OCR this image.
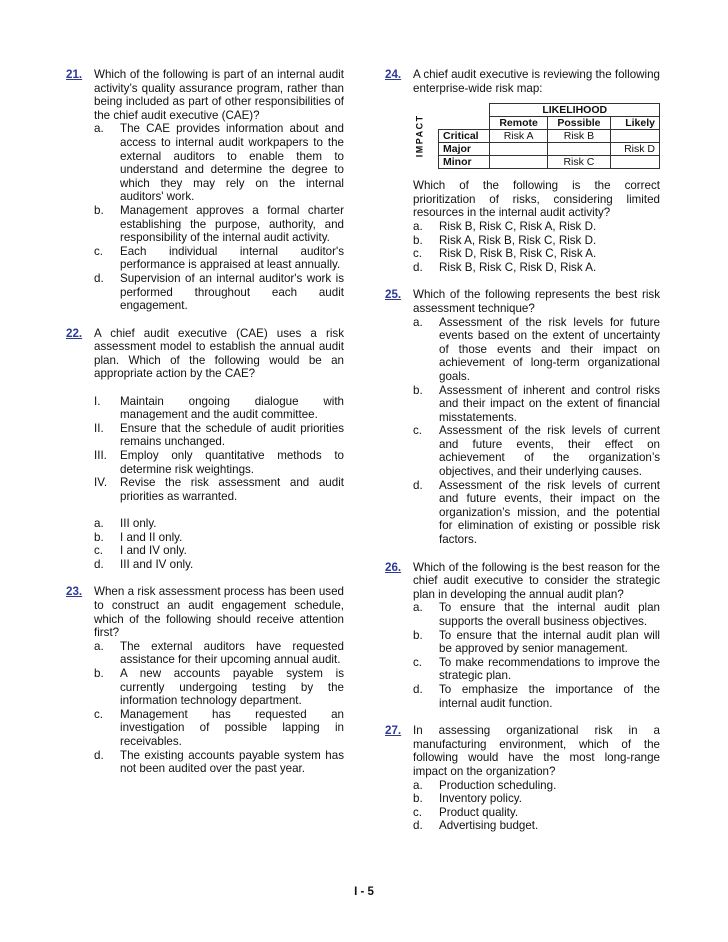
21. Which of the following is part of an internal audit activity’s quality assurance program, rather than being included as part of other responsibilities of the chief audit executive (CAE)?
a. The CAE provides information about and access to internal audit workpapers to the external auditors to enable them to understand and determine the degree to which they may rely on the internal auditors' work.
b. Management approves a formal charter establishing the purpose, authority, and responsibility of the internal audit activity.
c. Each individual internal auditor's performance is appraised at least annually.
d. Supervision of an internal auditor's work is performed throughout each audit engagement.
22. A chief audit executive (CAE) uses a risk assessment model to establish the annual audit plan. Which of the following would be an appropriate action by the CAE?
I. Maintain ongoing dialogue with management and the audit committee.
II. Ensure that the schedule of audit priorities remains unchanged.
III. Employ only quantitative methods to determine risk weightings.
IV. Revise the risk assessment and audit priorities as warranted.
a. III only.
b. I and II only.
c. I and IV only.
d. III and IV only.
23. When a risk assessment process has been used to construct an audit engagement schedule, which of the following should receive attention first?
a. The external auditors have requested assistance for their upcoming annual audit.
b. A new accounts payable system is currently undergoing testing by the information technology department.
c. Management has requested an investigation of possible lapping in receivables.
d. The existing accounts payable system has not been audited over the past year.
24. A chief audit executive is reviewing the following enterprise-wide risk map:
IMPACT
	LIKELIHOOD		
	Remote	Possible	Likely
Critical	Risk A	Risk B	
Major			Risk D
Minor		Risk C	
Which of the following is the correct prioritization of risks, considering limited resources in the internal audit activity?
a. Risk B, Risk C, Risk A, Risk D.
b. Risk A, Risk B, Risk C, Risk D.
c. Risk D, Risk B, Risk C, Risk A.
d. Risk B, Risk C, Risk D, Risk A.
25. Which of the following represents the best risk assessment technique?
a. Assessment of the risk levels for future events based on the extent of uncertainty of those events and their impact on achievement of long-term organizational goals.
b. Assessment of inherent and control risks and their impact on the extent of financial misstatements.
c. Assessment of the risk levels of current and future events, their effect on achievement of the organization’s objectives, and their underlying causes.
d. Assessment of the risk levels of current and future events, their impact on the organization’s mission, and the potential for elimination of existing or possible risk factors.
26. Which of the following is the best reason for the chief audit executive to consider the strategic plan in developing the annual audit plan?
a. To ensure that the internal audit plan supports the overall business objectives.
b. To ensure that the internal audit plan will be approved by senior management.
c. To make recommendations to improve the strategic plan.
d. To emphasize the importance of the internal audit function.
27. In assessing organizational risk in a manufacturing environment, which of the following would have the most long-range impact on the organization?
a. Production scheduling.
b. Inventory policy.
c. Product quality.
d. Advertising budget.
I - 5
